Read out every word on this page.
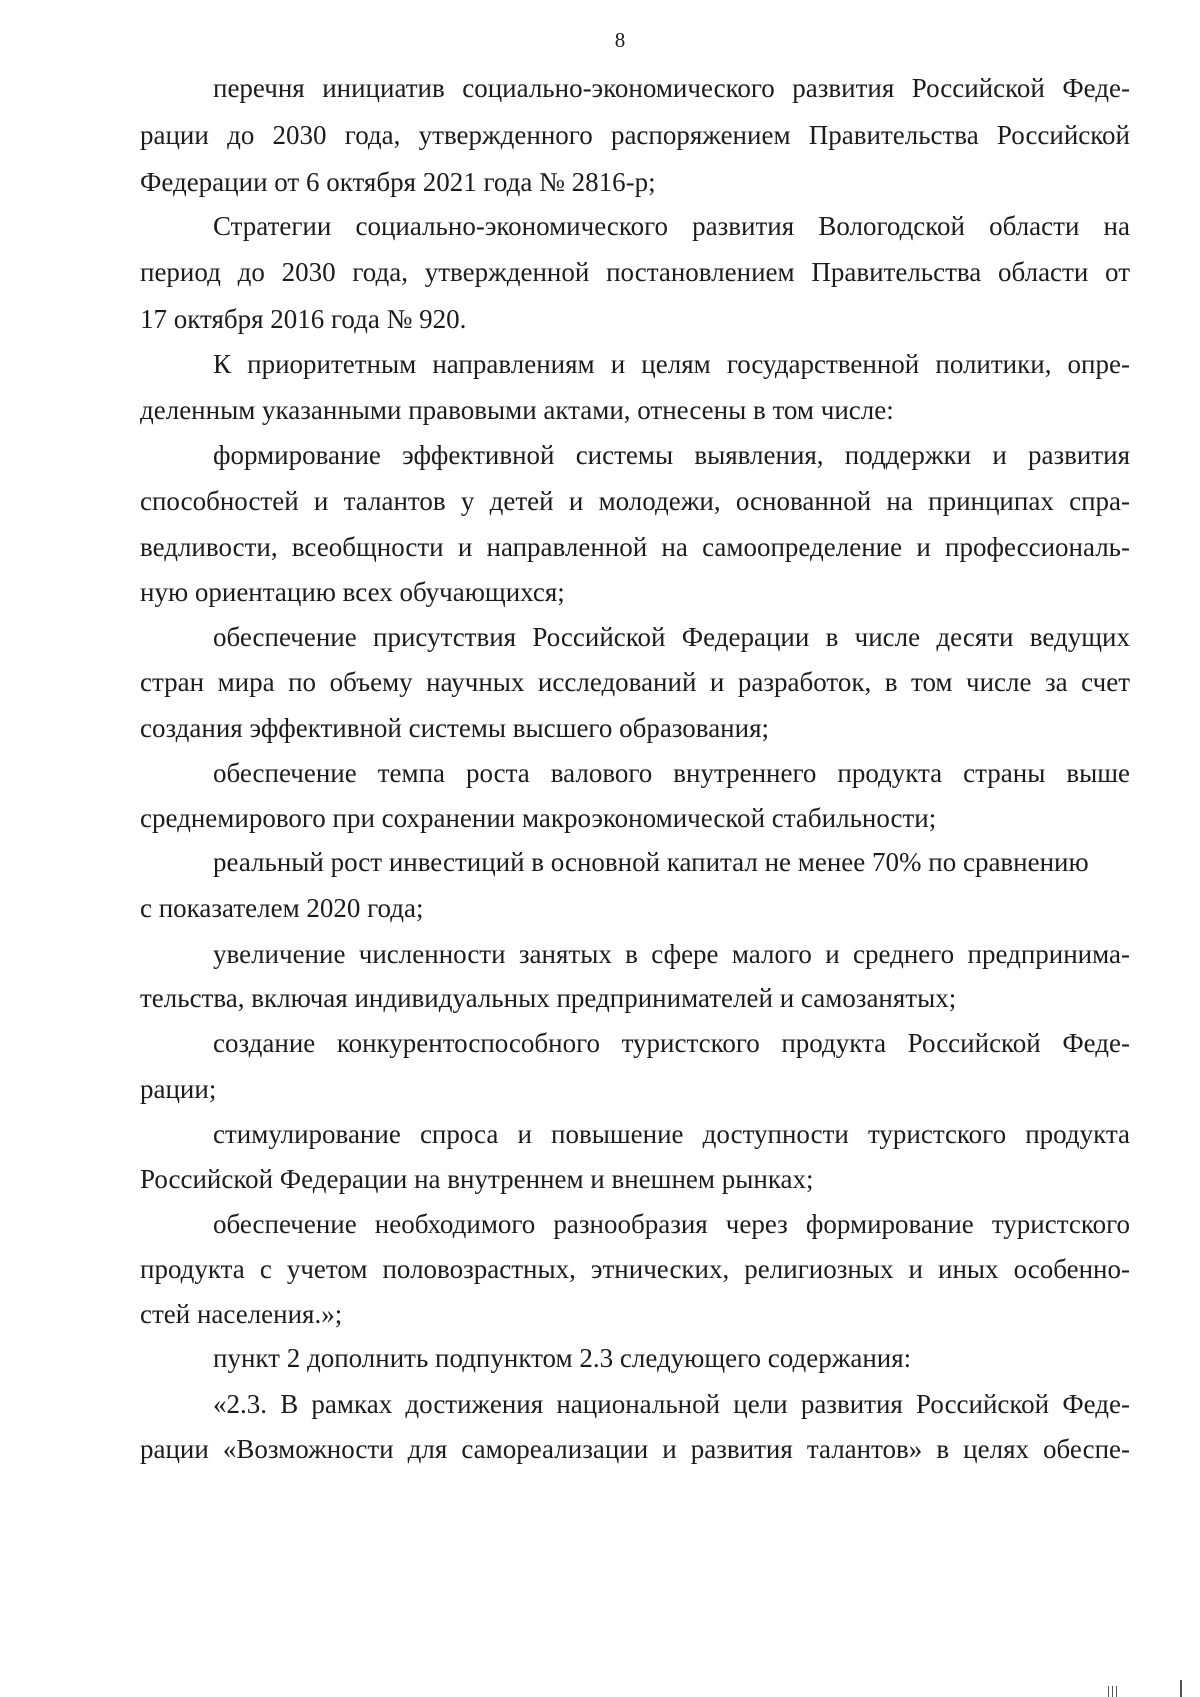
8
перечня инициатив социально-экономического развития Российской Феде-
рации до 2030 года, утвержденного распоряжением Правительства Российской
Федерации от 6 октября 2021 года № 2816-р;
Стратегии социально-экономического развития Вологодской области на
период до 2030 года, утвержденной постановлением Правительства области от
17 октября 2016 года № 920.
К приоритетным направлениям и целям государственной политики, опре-
деленным указанными правовыми актами, отнесены в том числе:
формирование эффективной системы выявления, поддержки и развития
способностей и талантов у детей и молодежи, основанной на принципах спра-
ведливости, всеобщности и направленной на самоопределение и профессиональ-
ную ориентацию всех обучающихся;
обеспечение присутствия Российской Федерации в числе десяти ведущих
стран мира по объему научных исследований и разработок, в том числе за счет
создания эффективной системы высшего образования;
обеспечение темпа роста валового внутреннего продукта страны выше
среднемирового при сохранении макроэкономической стабильности;
реальный рост инвестиций в основной капитал не менее 70% по сравнению
с показателем 2020 года;
увеличение численности занятых в сфере малого и среднего предпринима-
тельства, включая индивидуальных предпринимателей и самозанятых;
создание конкурентоспособного туристского продукта Российской Феде-
рации;
стимулирование спроса и повышение доступности туристского продукта
Российской Федерации на внутреннем и внешнем рынках;
обеспечение необходимого разнообразия через формирование туристского
продукта с учетом половозрастных, этнических, религиозных и иных особенно-
стей населения.»;
пункт 2 дополнить подпунктом 2.3 следующего содержания:
«2.3. В рамках достижения национальной цели развития Российской Феде-
рации «Возможности для самореализации и развития талантов» в целях обеспе-
